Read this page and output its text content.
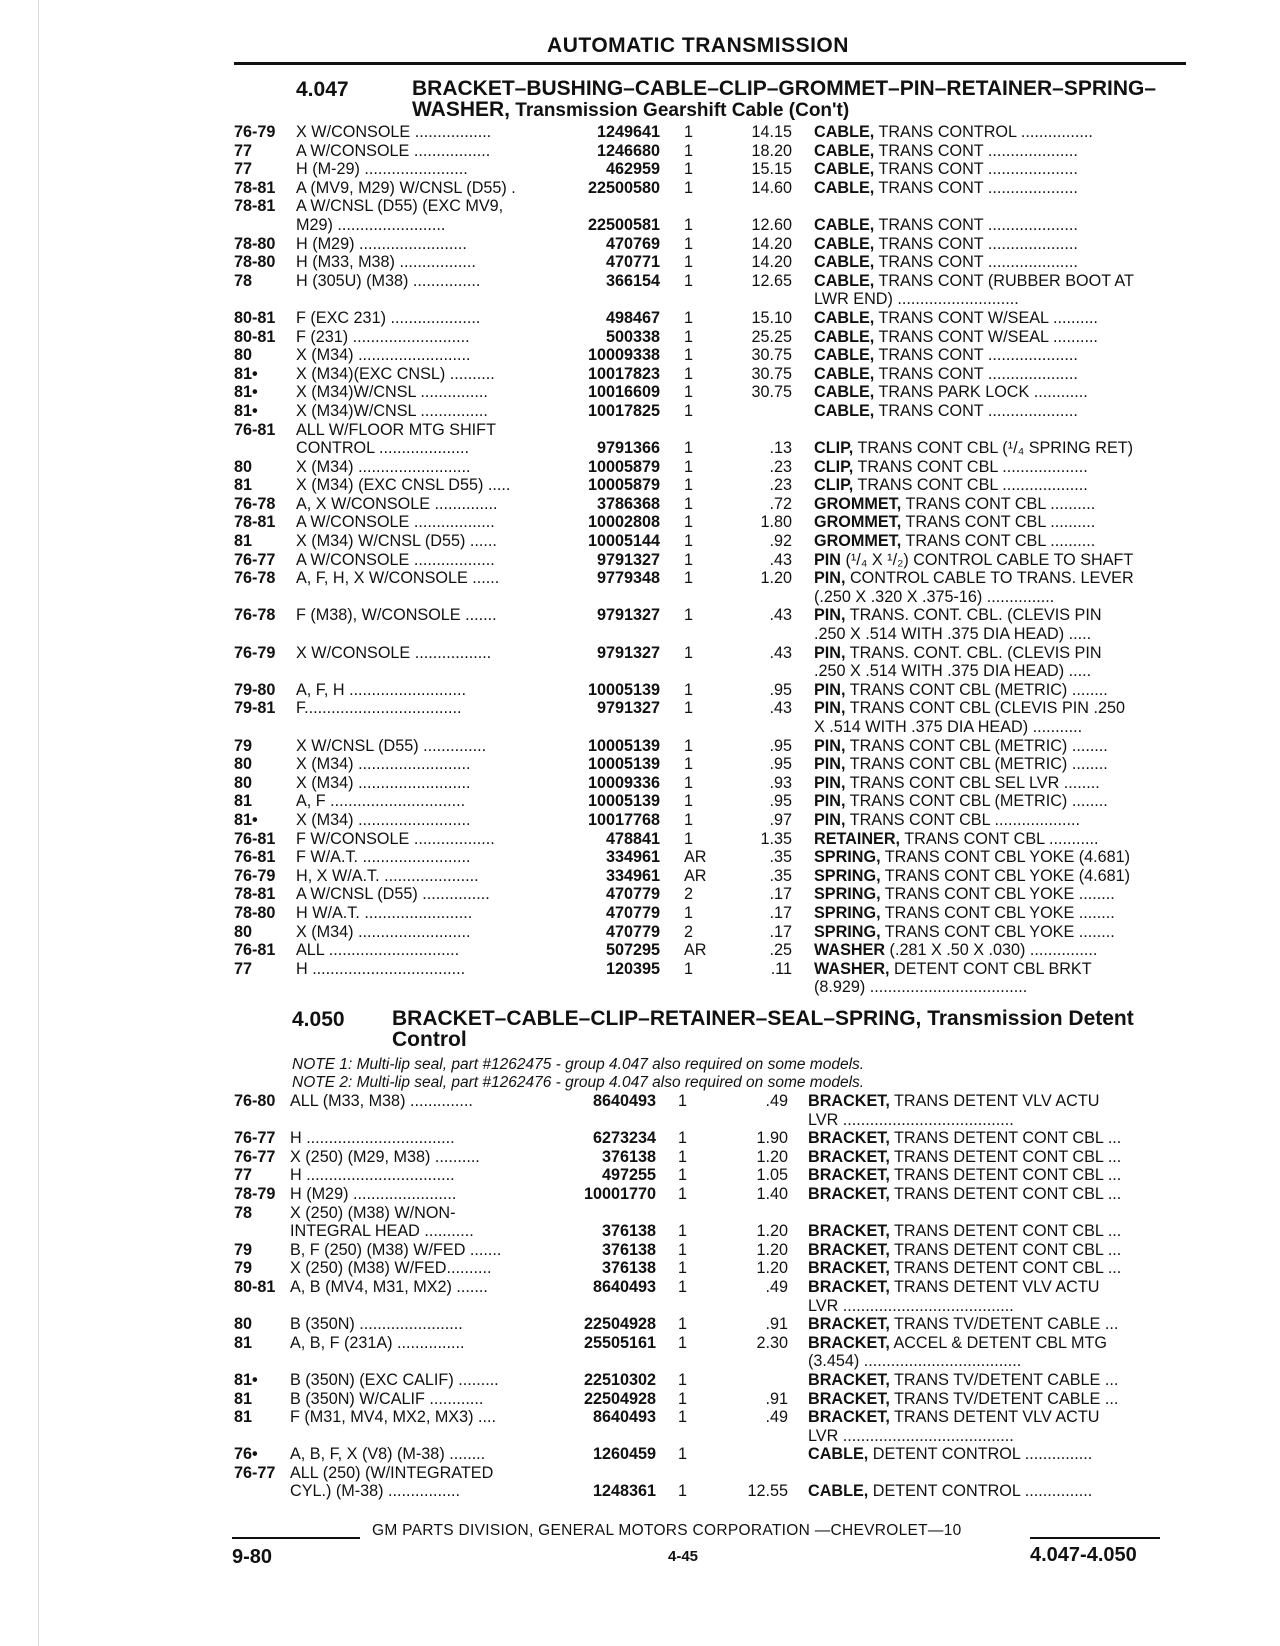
AUTOMATIC TRANSMISSION
4.047	BRACKET–BUSHING–CABLE–CLIP–GROMMET–PIN–RETAINER–SPRING–
WASHER, Transmission Gearshift Cable (Con't)
76-79 X W/CONSOLE .................	1249641 1	14.15 CABLE, TRANS CONTROL ................
77	A W/CONSOLE .................	1246680 1	18.20 CABLE, TRANS CONT ....................
77	H (M-29) .......................	462959 1	15.15 CABLE, TRANS CONT ....................
78-81 A (MV9, M29) W/CNSL (D55) .	22500580 1	14.60 CABLE, TRANS CONT ....................
78-81 A W/CNSL (D55) (EXC MV9,
M29) ........................	22500581 1	12.60 CABLE, TRANS CONT ....................
78-80 H (M29) ........................	470769 1	14.20 CABLE, TRANS CONT ....................
78-80 H (M33, M38) .................	470771 1	14.20 CABLE, TRANS CONT ....................
78	H (305U) (M38) ...............	366154 1	12.65 CABLE, TRANS CONT (RUBBER BOOT AT
LWR END) ...........................
80-81 F (EXC 231) ....................	498467 1	15.10 CABLE, TRANS CONT W/SEAL ..........
80-81 F (231) ..........................	500338 1	25.25 CABLE, TRANS CONT W/SEAL ..........
80	X (M34) .........................	10009338 1	30.75 CABLE, TRANS CONT ....................
81• X (M34)(EXC CNSL) ..........	10017823 1	30.75 CABLE, TRANS CONT ....................
81• X (M34)W/CNSL ...............	10016609 1	30.75 CABLE, TRANS PARK LOCK ............
81• X (M34)W/CNSL ...............	10017825 1	CABLE, TRANS CONT ....................
76-81 ALL W/FLOOR MTG SHIFT
CONTROL ....................	9791366 1	.13 CLIP, TRANS CONT CBL (¹/₄ SPRING RET)
80	X (M34) .........................	10005879 1	.23 CLIP, TRANS CONT CBL ...................
81	X (M34) (EXC CNSL D55) .....	10005879 1	.23 CLIP, TRANS CONT CBL ...................
76-78 A, X W/CONSOLE ..............	3786368 1	.72 GROMMET, TRANS CONT CBL ..........
78-81 A W/CONSOLE ..................	10002808 1	1.80 GROMMET, TRANS CONT CBL ..........
81	X (M34) W/CNSL (D55) ......	10005144 1	.92 GROMMET, TRANS CONT CBL ..........
76-77 A W/CONSOLE ..................	9791327 1	.43 PIN (¹/₄ X ¹/₂) CONTROL CABLE TO SHAFT
76-78 A, F, H, X W/CONSOLE ......	9779348 1	1.20 PIN, CONTROL CABLE TO TRANS. LEVER
(.250 X .320 X .375-16) ...............
76-78 F (M38), W/CONSOLE .......	9791327 1	.43 PIN, TRANS. CONT. CBL. (CLEVIS PIN
.250 X .514 WITH .375 DIA HEAD) .....
76-79 X W/CONSOLE .................	9791327 1	.43 PIN, TRANS. CONT. CBL. (CLEVIS PIN
.250 X .514 WITH .375 DIA HEAD) .....
79-80 A, F, H ..........................	10005139 1	.95 PIN, TRANS CONT CBL (METRIC) ........
79-81 F...................................	9791327 1	.43 PIN, TRANS CONT CBL (CLEVIS PIN .250
X .514 WITH .375 DIA HEAD) ...........
79	X W/CNSL (D55) ..............	10005139 1	.95 PIN, TRANS CONT CBL (METRIC) ........
80	X (M34) .........................	10005139 1	.95 PIN, TRANS CONT CBL (METRIC) ........
80	X (M34) .........................	10009336 1	.93 PIN, TRANS CONT CBL SEL LVR ........
81	A, F ..............................	10005139 1	.95 PIN, TRANS CONT CBL (METRIC) ........
81• X (M34) .........................	10017768 1	.97 PIN, TRANS CONT CBL ...................
76-81 F W/CONSOLE ..................	478841 1	1.35 RETAINER, TRANS CONT CBL ...........
76-81 F W/A.T. ........................	334961 AR	.35 SPRING, TRANS CONT CBL YOKE (4.681)
76-79 H, X W/A.T. .....................	334961 AR	.35 SPRING, TRANS CONT CBL YOKE (4.681)
78-81 A W/CNSL (D55) ...............	470779 2	.17 SPRING, TRANS CONT CBL YOKE ........
78-80 H W/A.T. ........................	470779 1	.17 SPRING, TRANS CONT CBL YOKE ........
80	X (M34) .........................	470779 2	.17 SPRING, TRANS CONT CBL YOKE ........
76-81 ALL .............................	507295 AR	.25 WASHER (.281 X .50 X .030) ...............
77	H ..................................	120395 1	.11 WASHER, DETENT CONT CBL BRKT
(8.929) ...................................
4.050 BRACKET–CABLE–CLIP–RETAINER–SEAL–SPRING, Transmission Detent
Control
NOTE 1: Multi-lip seal, part #1262475 - group 4.047 also required on some models.
NOTE 2: Multi-lip seal, part #1262476 - group 4.047 also required on some models.
76-80 ALL (M33, M38) ..............	8640493 1	.49 BRACKET, TRANS DETENT VLV ACTU
LVR ......................................
76-77 H .................................	6273234 1	1.90 BRACKET, TRANS DETENT CONT CBL ...
76-77 X (250) (M29, M38) ..........	376138 1	1.20 BRACKET, TRANS DETENT CONT CBL ...
77 H .................................	497255 1	1.05 BRACKET, TRANS DETENT CONT CBL ...
78-79 H (M29) .......................	10001770 1	1.40 BRACKET, TRANS DETENT CONT CBL ...
78 X (250) (M38) W/NON-
INTEGRAL HEAD ...........	376138 1	1.20 BRACKET, TRANS DETENT CONT CBL ...
79 B, F (250) (M38) W/FED .......	376138 1	1.20 BRACKET, TRANS DETENT CONT CBL ...
79 X (250) (M38) W/FED..........	376138 1	1.20 BRACKET, TRANS DETENT CONT CBL ...
80-81 A, B (MV4, M31, MX2) .......	8640493 1	.49 BRACKET, TRANS DETENT VLV ACTU
LVR ......................................
80 B (350N) .......................	22504928 1	.91 BRACKET, TRANS TV/DETENT CABLE ...
81 A, B, F (231A) ...............	25505161 1	2.30 BRACKET, ACCEL & DETENT CBL MTG
(3.454) ...................................
81• B (350N) (EXC CALIF) .........	22510302 1	BRACKET, TRANS TV/DETENT CABLE ...
81 B (350N) W/CALIF ............	22504928 1	.91 BRACKET, TRANS TV/DETENT CABLE ...
81 F (M31, MV4, MX2, MX3) ....	8640493 1	.49 BRACKET, TRANS DETENT VLV ACTU
LVR ......................................
76• A, B, F, X (V8) (M-38) ........	1260459 1	CABLE, DETENT CONTROL ...............
76-77 ALL (250) (W/INTEGRATED
CYL.) (M-38) ................	1248361 1	12.55 CABLE, DETENT CONTROL ...............
GM PARTS DIVISION, GENERAL MOTORS CORPORATION —CHEVROLET—10
9-80	4-45	4.047-4.050
